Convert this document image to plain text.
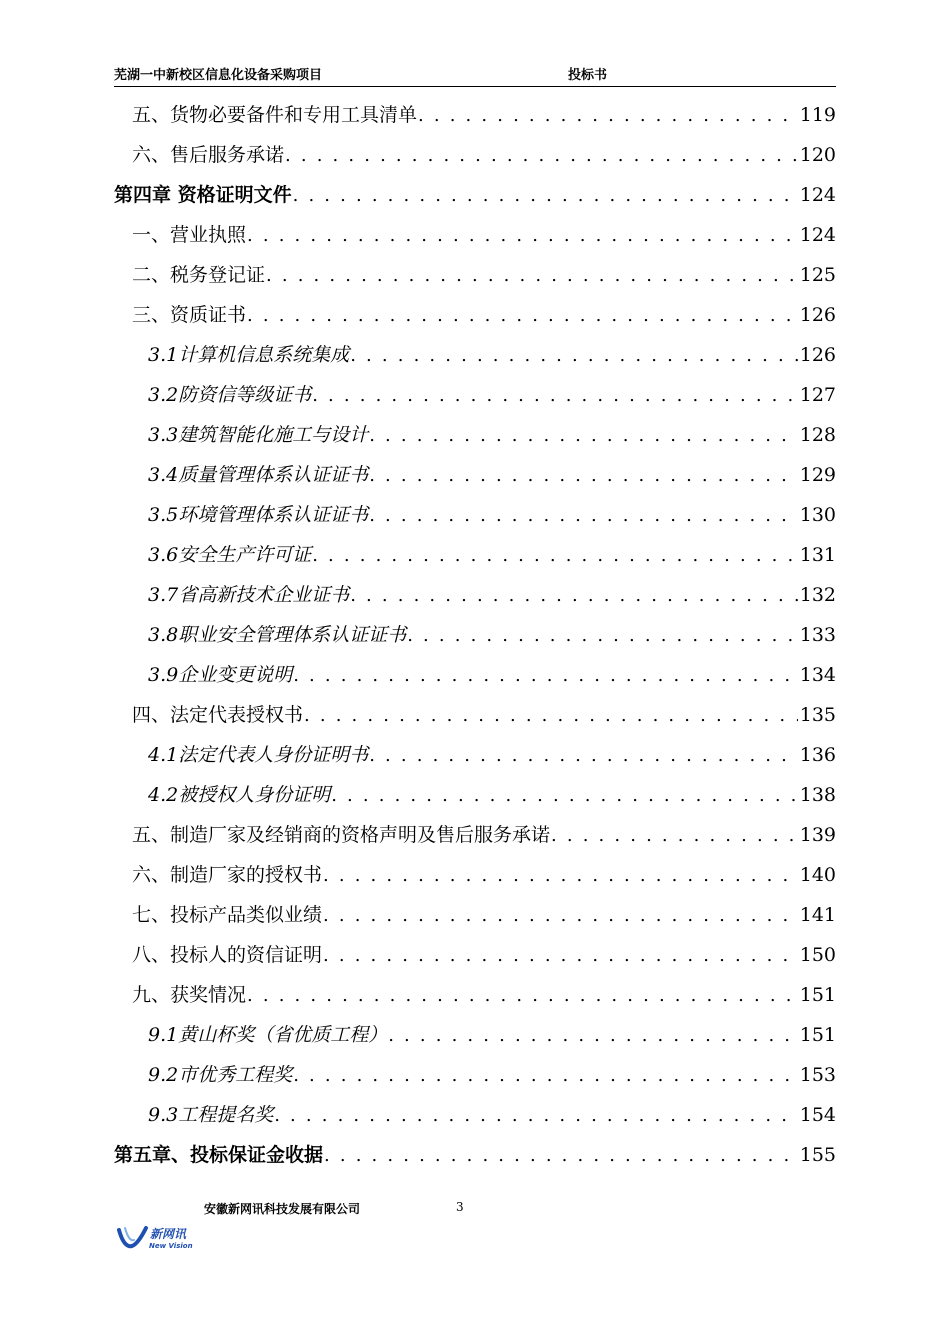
芜湖一中新校区信息化设备采购项目	投标书
五、货物必要备件和专用工具清单 . . .	119
六、售后服务承诺 . . .	120
第四章 资格证明文件 . . .	124
一、营业执照 . . .	124
二、税务登记证 . . .	125
三、资质证书 . . .	126
3.1计算机信息系统集成 . . .	126
3.2防资信等级证书 . . .	127
3.3建筑智能化施工与设计 . . .	128
3.4质量管理体系认证证书 . . .	129
3.5环境管理体系认证证书 . . .	130
3.6安全生产许可证 . . .	131
3.7省高新技术企业证书 . . .	132
3.8职业安全管理体系认证证书 . . .	133
3.9企业变更说明 . . .	134
四、法定代表授权书 . . .	135
4.1法定代表人身份证明书 . . .	136
4.2被授权人身份证明 . . .	138
五、制造厂家及经销商的资格声明及售后服务承诺 . . .	139
六、制造厂家的授权书 . . .	140
七、投标产品类似业绩 . . .	141
八、投标人的资信证明 . . .	150
九、获奖情况 . . .	151
9.1黄山杯奖（省优质工程） . . .	151
9.2市优秀工程奖 . . .	153
9.3工程提名奖 . . .	154
第五章、投标保证金收据 . . .	155
安徽新网讯科技发展有限公司	3
新网讯
New Vision
